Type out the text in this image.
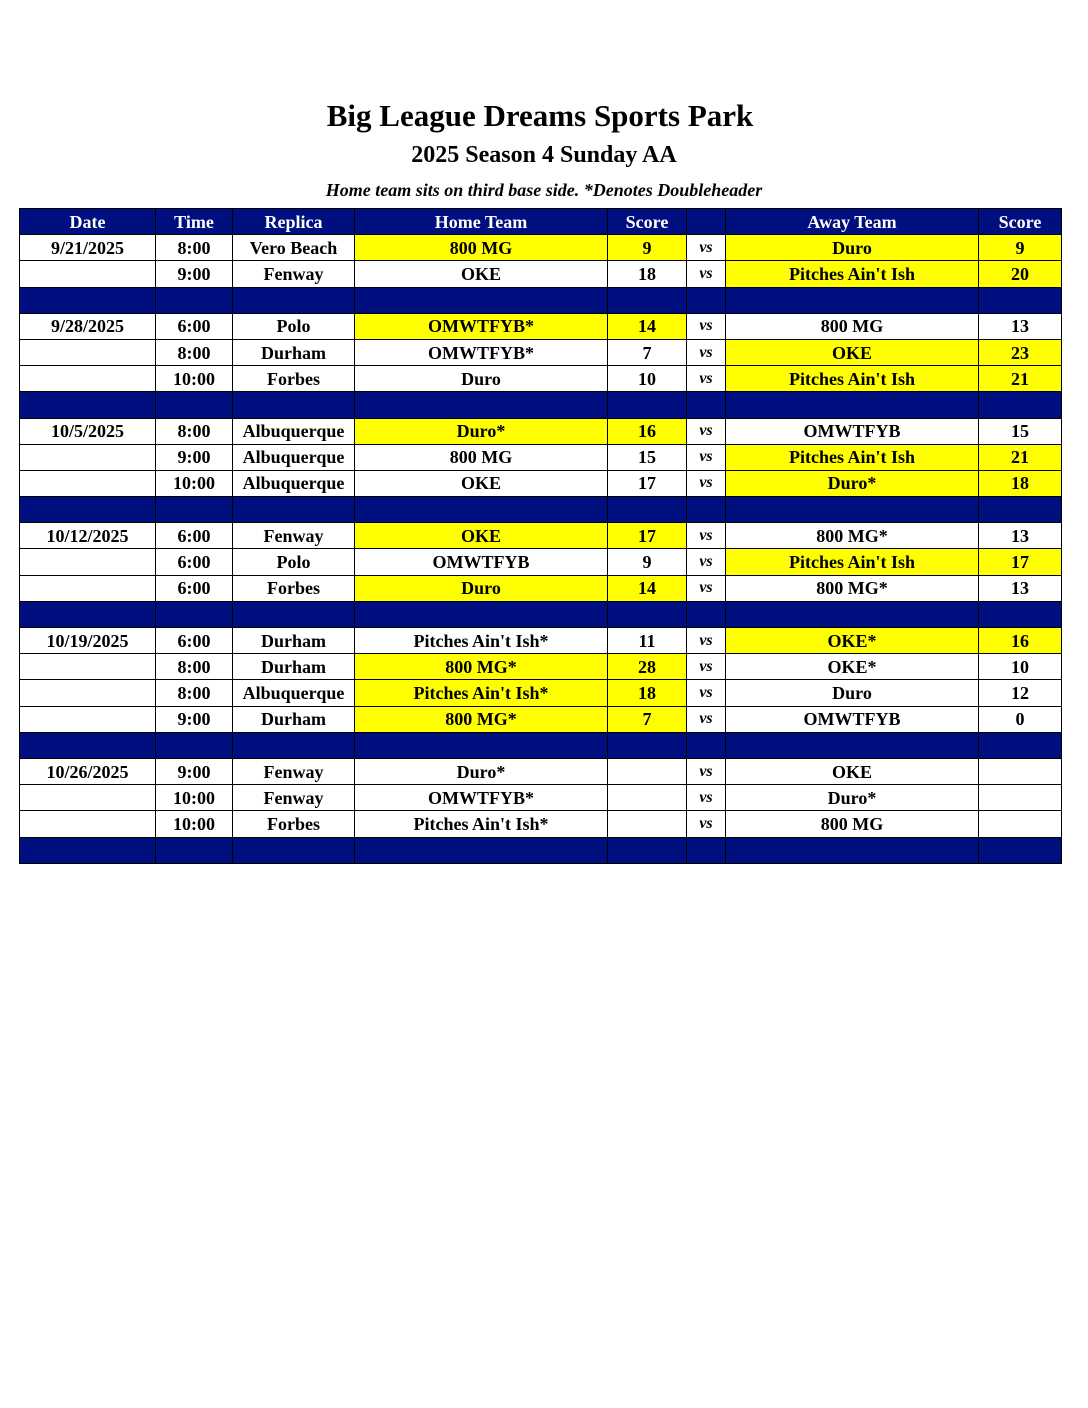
Big League Dreams Sports Park
2025 Season 4 Sunday AA
Home team sits on third base side. *Denotes Doubleheader
Date	Time	Replica	Home Team	Score		Away Team	Score
9/21/2025	8:00	Vero Beach	800 MG	9	vs	Duro	9
	9:00	Fenway	OKE	18	vs	Pitches Ain't Ish	20

9/28/2025	6:00	Polo	OMWTFYB*	14	vs	800 MG	13
	8:00	Durham	OMWTFYB*	7	vs	OKE	23
	10:00	Forbes	Duro	10	vs	Pitches Ain't Ish	21

10/5/2025	8:00	Albuquerque	Duro*	16	vs	OMWTFYB	15
	9:00	Albuquerque	800 MG	15	vs	Pitches Ain't Ish	21
	10:00	Albuquerque	OKE	17	vs	Duro*	18

10/12/2025	6:00	Fenway	OKE	17	vs	800 MG*	13
	6:00	Polo	OMWTFYB	9	vs	Pitches Ain't Ish	17
	6:00	Forbes	Duro	14	vs	800 MG*	13

10/19/2025	6:00	Durham	Pitches Ain't Ish*	11	vs	OKE*	16
	8:00	Durham	800 MG*	28	vs	OKE*	10
	8:00	Albuquerque	Pitches Ain't Ish*	18	vs	Duro	12
	9:00	Durham	800 MG*	7	vs	OMWTFYB	0

10/26/2025	9:00	Fenway	Duro*		vs	OKE	
	10:00	Fenway	OMWTFYB*		vs	Duro*	
	10:00	Forbes	Pitches Ain't Ish*		vs	800 MG	
